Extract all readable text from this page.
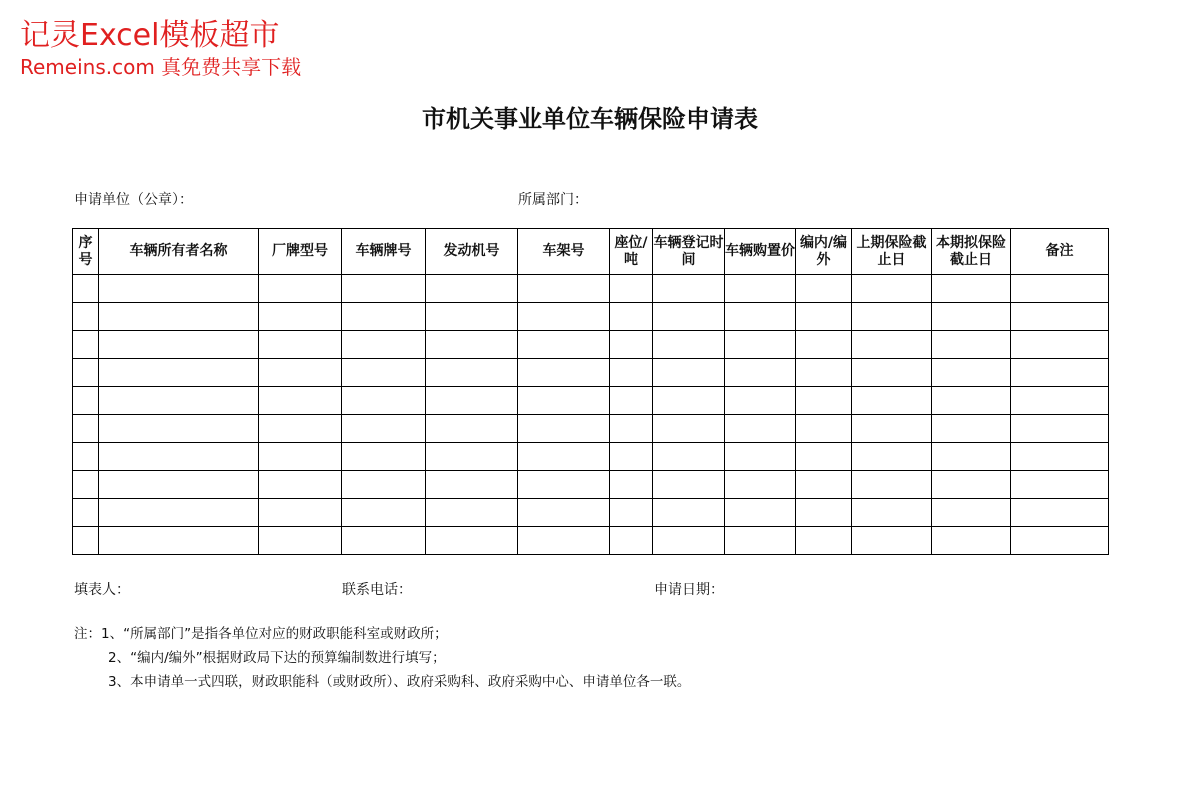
记灵Excel模板超市
Remeins.com 真免费共享下载
市机关事业单位车辆保险申请表
申请单位（公章）：	所属部门：
序号	车辆所有者名称	厂牌型号	车辆牌号	发动机号	车架号	座位/吨	车辆登记时间	车辆购置价	编内/编外	上期保险截止日	本期拟保险截止日	备注

填表人：	联系电话：	申请日期：
注：1、“所属部门”是指各单位对应的财政职能科室或财政所；
2、“编内/编外”根据财政局下达的预算编制数进行填写；
3、本申请单一式四联，财政职能科（或财政所）、政府采购科、政府采购中心、申请单位各一联。
